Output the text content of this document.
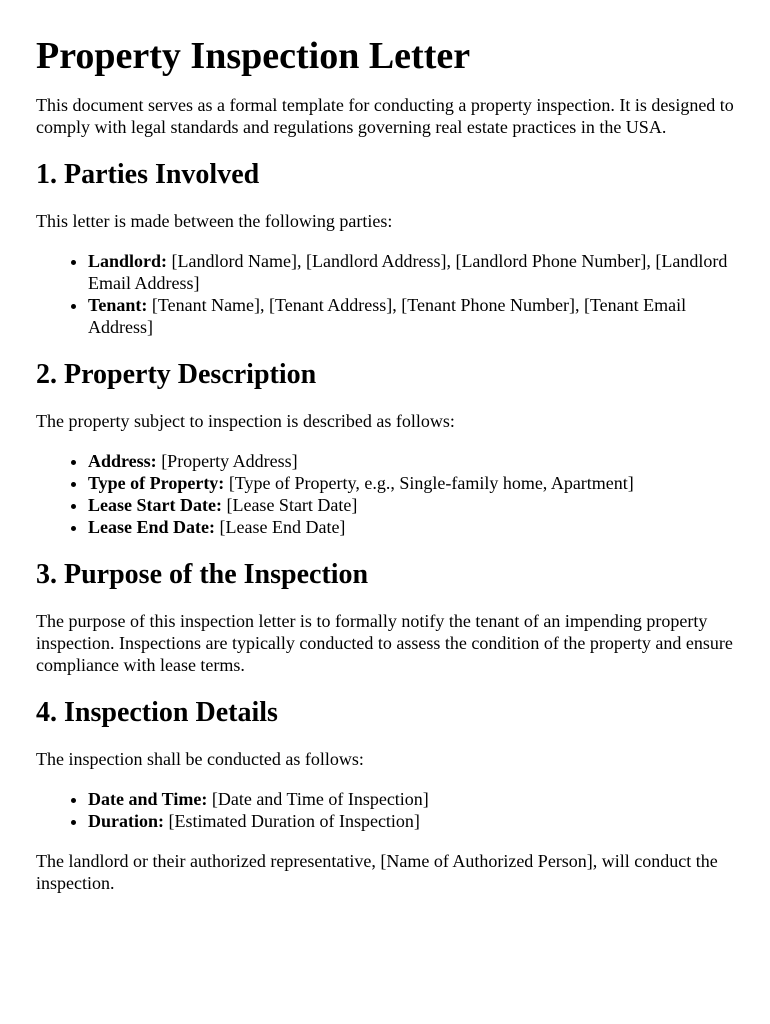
Property Inspection Letter

This document serves as a formal template for conducting a property inspection. It is designed to comply with legal standards and regulations governing real estate practices in the USA.

1. Parties Involved

This letter is made between the following parties:

• Landlord: [Landlord Name], [Landlord Address], [Landlord Phone Number], [Landlord Email Address]
• Tenant: [Tenant Name], [Tenant Address], [Tenant Phone Number], [Tenant Email Address]
2. Property Description

The property subject to inspection is described as follows:

• Address: [Property Address]
• Type of Property: [Type of Property, e.g., Single-family home, Apartment]
• Lease Start Date: [Lease Start Date]
• Lease End Date: [Lease End Date]
3. Purpose of the Inspection

The purpose of this inspection letter is to formally notify the tenant of an impending property inspection. Inspections are typically conducted to assess the condition of the property and ensure compliance with lease terms.

4. Inspection Details

The inspection shall be conducted as follows:

• Date and Time: [Date and Time of Inspection]
• Duration: [Estimated Duration of Inspection]

The landlord or their authorized representative, [Name of Authorized Person], will conduct the inspection.
